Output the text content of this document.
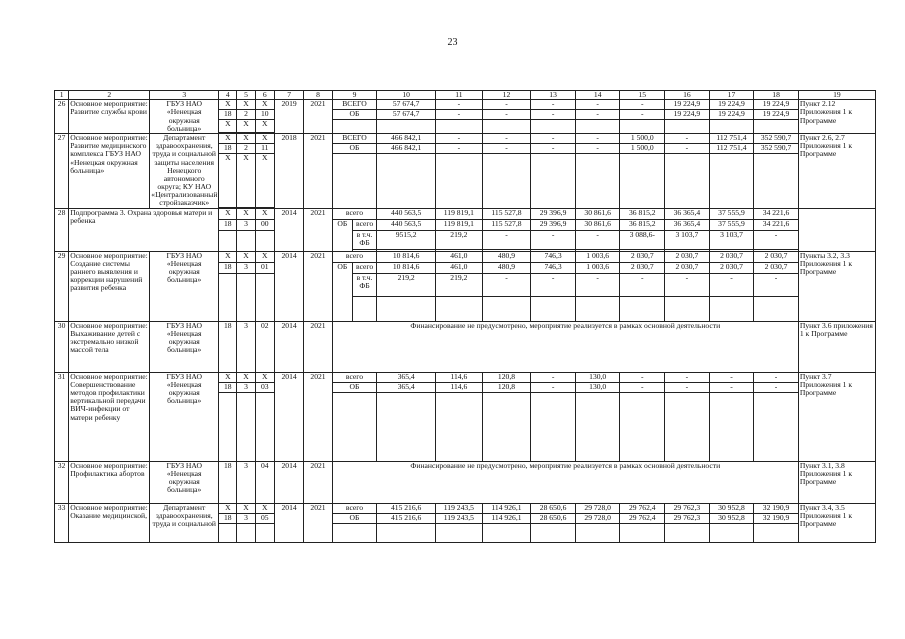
23
1	2	3	4	5	6	7	8	9		10	11	12	13	14	15	16	17	18	19
26	Основное мероприятие: Развитие службы крови	ГБУЗ НАО «Ненецкая окружная больница»	X	X	X	2019	2021	ВСЕГО		57 674,7	-	-	-	-	-	19 224,9	19 224,9	19 224,9	Пункт 2.12 Приложения 1 к Программе
			18	2	10			ОБ		57 674,7	-	-	-	-	-	19 224,9	19 224,9	19 224,9	
			X	X	X														

27	Основное мероприятие: Развитие медицинского комплекса ГБУЗ НАО «Ненецкая окружная больница»	Департамент здравоохранения, труда и социальной защиты населения Ненецкого автономного округа; КУ НАО «Централизованный стройзаказчик»	X	X	X	2018	2021	ВСЕГО		466 842,1	-	-	-	-	1 500,0	-	112 751,4	352 590,7	Пункт 2.6, 2.7 Приложения 1 к Программе
			18	2	11			ОБ		466 842,1	-	-	-	-	1 500,0	-	112 751,4	352 590,7	
			X	X	X														

28	Подпрограмма 3. Охрана здоровья матери и ребенка		X	X	X	2014	2021	всего		440 563,5	119 819,1	115 527,8	29 396,9	30 861,6	36 815,2	36 365,4	37 555,9	34 221,6	
			18	3	00			ОБ	всего	440 563,5	119 819,1	115 527,8	29 396,9	30 861,6	36 815,2	36 365,4	37 555,9	34 221,6	
									в т.ч. ФБ	9515,2	219,2	-	-	-	3 088,6-	3 103,7	3 103,7	-	

29	Основное мероприятие: Создание системы раннего выявления и коррекции нарушений развития ребенка	ГБУЗ НАО «Ненецкая окружная больница»	X	X	X	2014	2021	всего		10 814,6	461,0	480,9	746,3	1 003,6	2 030,7	2 030,7	2 030,7	2 030,7	Пункты 3.2, 3.3 Приложения 1 к Программе
			18	3	01			ОБ	всего	10 814,6	461,0	480,9	746,3	1 003,6	2 030,7	2 030,7	2 030,7	2 030,7	
									в т.ч. ФБ	219,2	219,2	-	-	-	-	-	-	-	

30	Основное мероприятие: Выхаживание детей с экстремально низкой массой тела	ГБУЗ НАО «Ненецкая окружная больница»	18	3	02	2014	2021	Финансирование не предусмотрено, мероприятие реализуется в рамках основной деятельности											Пункт 3.6 приложения 1 к Программе
31	Основное мероприятие: Совершенствование методов профилактики вертикальной передачи ВИЧ-инфекции от матери ребенку	ГБУЗ НАО «Ненецкая окружная больница»	X	X	X	2014	2021	всего		365,4	114,6	120,8	-	130,0	-	-	-	-	Пункт 3.7 Приложения 1 к Программе
			18	3	03			ОБ		365,4	114,6	120,8	-	130,0	-	-	-	-	

32	Основное мероприятие: Профилактика абортов	ГБУЗ НАО «Ненецкая окружная больница»	18	3	04	2014	2021	Финансирование не предусмотрено, мероприятие реализуется в рамках основной деятельности											Пункт 3.1, 3.8 Приложения 1 к Программе
33	Основное мероприятие: Оказание медицинской,	Департамент здравоохранения, труда и социальной	X	X	X	2014	2021	всего		415 216,6	119 243,5	114 926,1	28 650,6	29 728,0	29 762,4	29 762,3	30 952,8	32 190,9	Пункт 3.4, 3.5 Приложения 1 к Программе
			18	3	05			ОБ		415 216,6	119 243,5	114 926,1	28 650,6	29 728,0	29 762,4	29 762,3	30 952,8	32 190,9	
